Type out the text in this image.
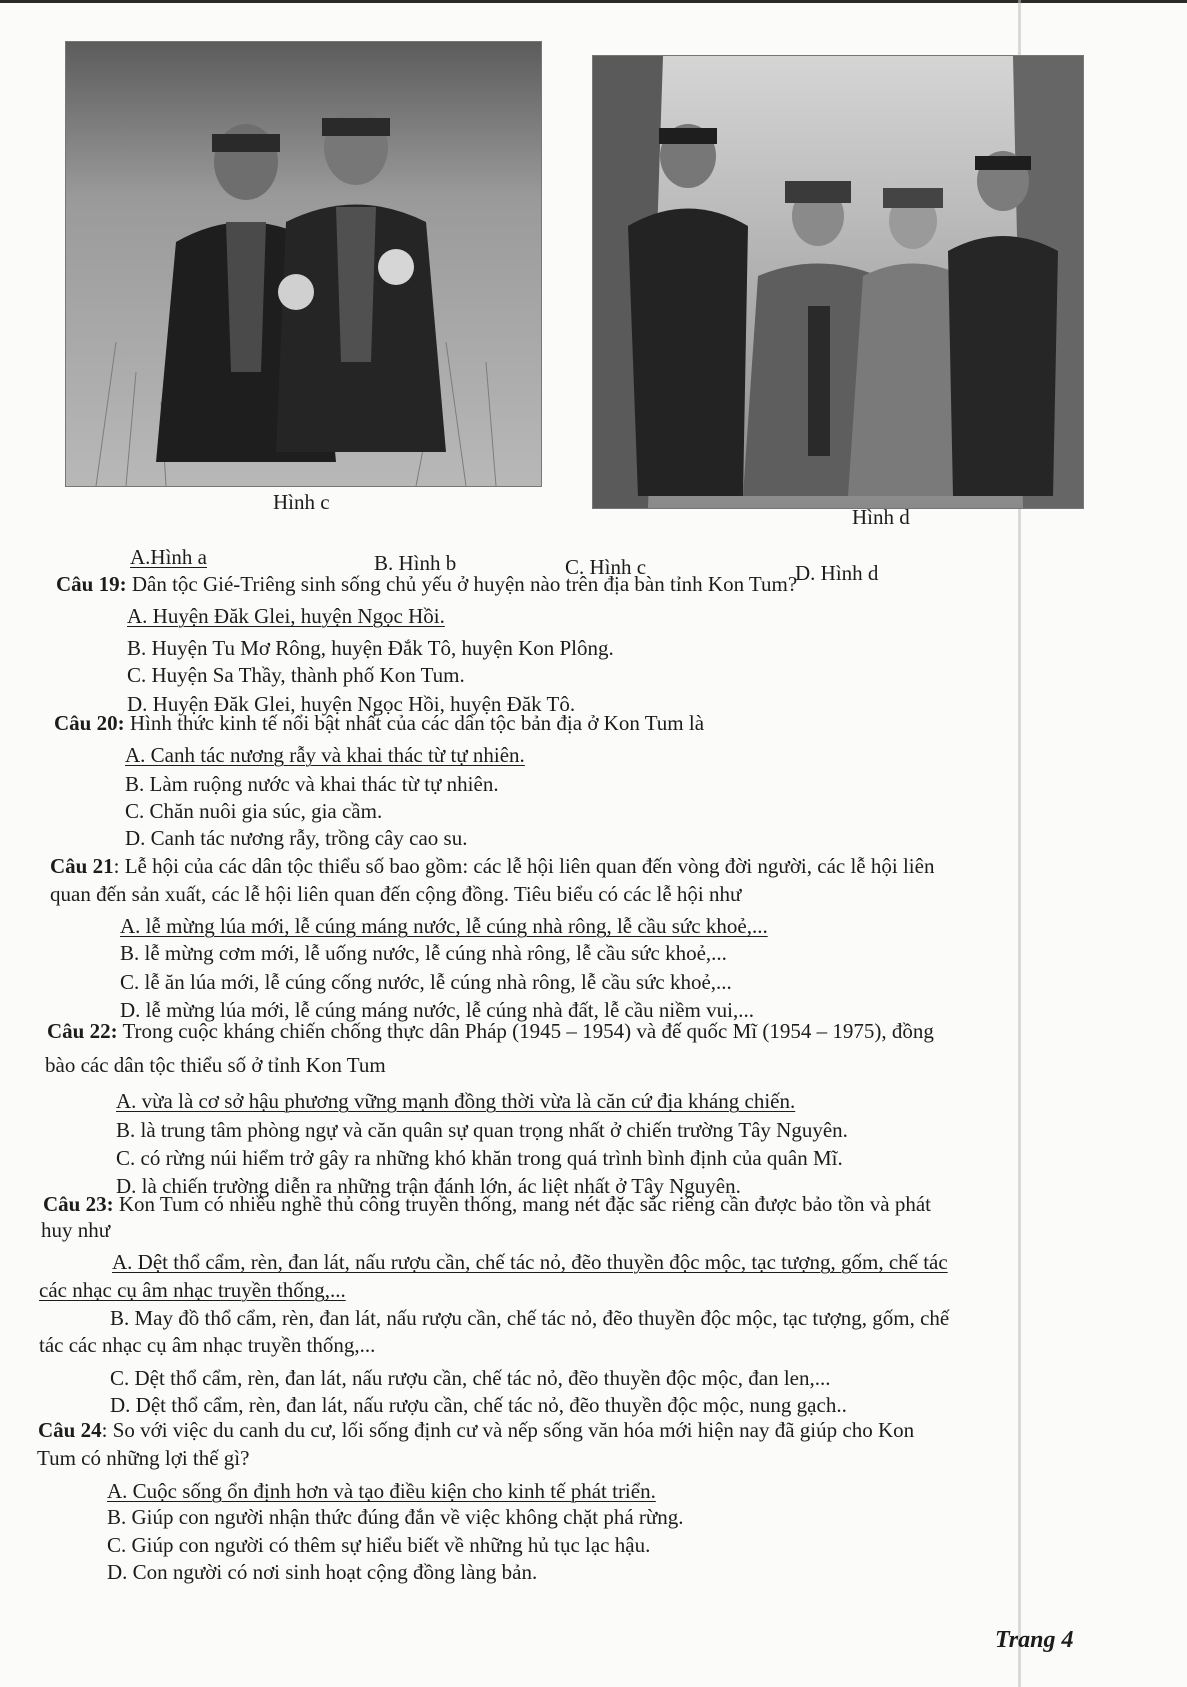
Hình c
Hình d
A.Hình a	B. Hình b	C. Hình c	D. Hình d
Câu 19: Dân tộc Gié-Triêng sinh sống chủ yếu ở huyện nào trên địa bàn tỉnh Kon Tum?
A. Huyện Đăk Glei, huyện Ngọc Hồi.
B. Huyện Tu Mơ Rông, huyện Đắk Tô, huyện Kon Plông.
C. Huyện Sa Thầy, thành phố Kon Tum.
D. Huyện Đăk Glei, huyện Ngọc Hồi, huyện Đăk Tô.
Câu 20: Hình thức kinh tế nổi bật nhất của các dân tộc bản địa ở Kon Tum là
A. Canh tác nương rẫy và khai thác từ tự nhiên.
B. Làm ruộng nước và khai thác từ tự nhiên.
C. Chăn nuôi gia súc, gia cầm.
D. Canh tác nương rẫy, trồng cây cao su.
Câu 21: Lễ hội của các dân tộc thiểu số bao gồm: các lễ hội liên quan đến vòng đời người, các lễ hội liên
quan đến sản xuất, các lễ hội liên quan đến cộng đồng. Tiêu biểu có các lễ hội như
A. lễ mừng lúa mới, lễ cúng máng nước, lễ cúng nhà rông, lễ cầu sức khoẻ,...
B. lễ mừng cơm mới, lễ uống nước, lễ cúng nhà rông, lễ cầu sức khoẻ,...
C. lễ ăn lúa mới, lễ cúng cống nước, lễ cúng nhà rông, lễ cầu sức khoẻ,...
D. lễ mừng lúa mới, lễ cúng máng nước, lễ cúng nhà đất, lễ cầu niềm vui,...
Câu 22: Trong cuộc kháng chiến chống thực dân Pháp (1945 – 1954) và đế quốc Mĩ (1954 – 1975), đồng
bào các dân tộc thiểu số ở tỉnh Kon Tum
A. vừa là cơ sở hậu phương vững mạnh đồng thời vừa là căn cứ địa kháng chiến.
B. là trung tâm phòng ngự và căn quân sự quan trọng nhất ở chiến trường Tây Nguyên.
C. có rừng núi hiểm trở gây ra những khó khăn trong quá trình bình định của quân Mĩ.
D. là chiến trường diễn ra những trận đánh lớn, ác liệt nhất ở Tây Nguyên.
Câu 23: Kon Tum có nhiều nghề thủ công truyền thống, mang nét đặc sắc riêng cần được bảo tồn và phát
huy như
A. Dệt thổ cẩm, rèn, đan lát, nấu rượu cần, chế tác nỏ, đẽo thuyền độc mộc, tạc tượng, gốm, chế tác
các nhạc cụ âm nhạc truyền thống,...
B. May đồ thổ cẩm, rèn, đan lát, nấu rượu cần, chế tác nỏ, đẽo thuyền độc mộc, tạc tượng, gốm, chế
tác các nhạc cụ âm nhạc truyền thống,...
C. Dệt thổ cẩm, rèn, đan lát, nấu rượu cần, chế tác nỏ, đẽo thuyền độc mộc, đan len,...
D. Dệt thổ cẩm, rèn, đan lát, nấu rượu cần, chế tác nỏ, đẽo thuyền độc mộc, nung gạch..
Câu 24: So với việc du canh du cư, lối sống định cư và nếp sống văn hóa mới hiện nay đã giúp cho Kon
Tum có những lợi thế gì?
A. Cuộc sống ổn định hơn và tạo điều kiện cho kinh tế phát triển.
B. Giúp con người nhận thức đúng đắn về việc không chặt phá rừng.
C. Giúp con người có thêm sự hiểu biết về những hủ tục lạc hậu.
D. Con người có nơi sinh hoạt cộng đồng làng bản.
Trang 4
